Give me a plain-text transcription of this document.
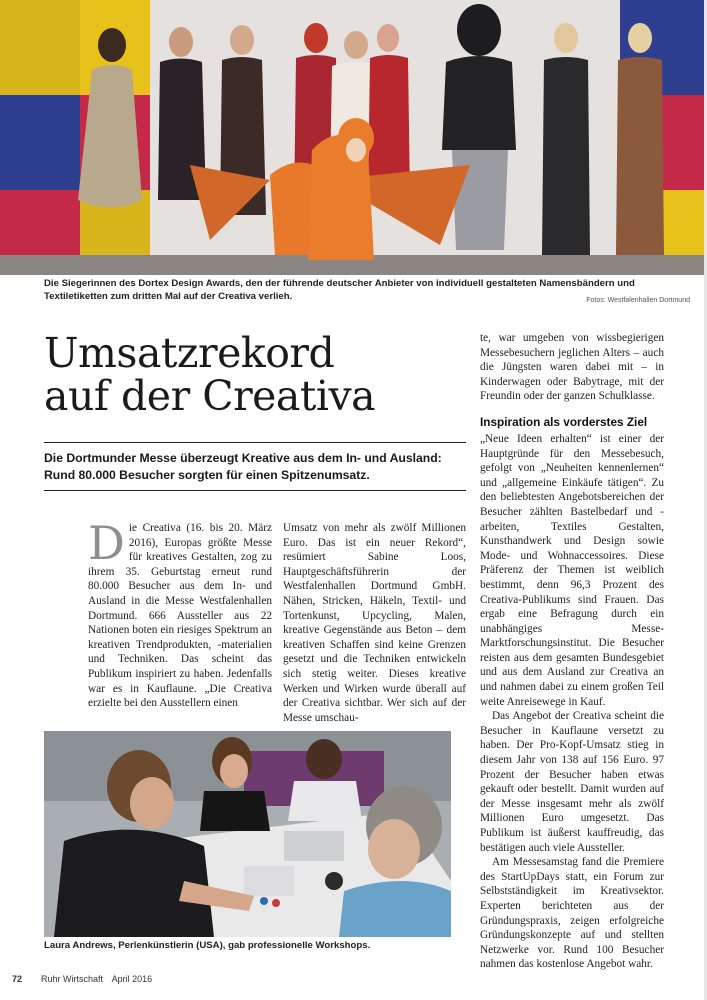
Die Siegerinnen des Dortex Design Awards, den der führende deutscher Anbieter von individuell gestalteten Namensbändern und
Textiletiketten zum dritten Mal auf der Creativa verlieh.	Fotos: Westfalenhallen Dortmund
Umsatzrekord
auf der Creativa
Die Dortmunder Messe überzeugt Kreative aus dem In- und Ausland: Rund 80.000 Besucher sorgten für einen Spitzenumsatz.

Die Creativa (16. bis 20. März 2016), Europas größte Messe für kreatives Gestalten, zog zu ihrem 35. Geburtstag erneut rund 80.000 Besucher aus dem In- und Ausland in die Messe Westfalenhallen Dortmund. 666 Aussteller aus 22 Nationen boten ein riesiges Spektrum an kreativen Trendprodukten, -materialien und Techniken. Das scheint das Publikum inspiriert zu haben. Jedenfalls war es in Kauflaune. „Die Creativa erzielte bei den Ausstellern einen

Umsatz von mehr als zwölf Millionen Euro. Das ist ein neuer Rekord“, resümiert Sabine Loos, Hauptgeschäftsführerin der Westfalenhallen Dortmund GmbH. Nähen, Stricken, Häkeln, Textil- und Tortenkunst, Upcycling, Malen, kreative Gegenstände aus Beton – dem kreativen Schaffen sind keine Grenzen gesetzt und die Techniken entwickeln sich stetig weiter. Dieses kreative Werken und Wirken wurde überall auf der Creativa sichtbar. Wer sich auf der Messe umschau-

te, war umgeben von wissbegierigen Messebesuchern jeglichen Alters – auch die Jüngsten waren dabei mit – in Kinderwagen oder Babytrage, mit der Freundin oder der ganzen Schulklasse.

Inspiration als vorderstes Ziel

„Neue Ideen erhalten“ ist einer der Hauptgründe für den Messebesuch, gefolgt von „Neuheiten kennenlernen“ und „allgemeine Einkäufe tätigen“. Zu den beliebtesten Angebotsbereichen der Besucher zählten Bastelbedarf und -arbeiten, Textiles Gestalten, Kunsthandwerk und Design sowie Mode- und Wohnaccessoires. Diese Präferenz der Themen ist weiblich bestimmt, denn 96,3 Prozent des Creativa-Publikums sind Frauen. Das ergab eine Befragung durch ein unabhängiges Messe-Marktforschungsinstitut. Die Besucher reisten aus dem gesamten Bundesgebiet und aus dem Ausland zur Creativa an und nahmen dabei zu einem großen Teil weite Anreisewege in Kauf.

Das Angebot der Creativa scheint die Besucher in Kauflaune versetzt zu haben. Der Pro-Kopf-Umsatz stieg in diesem Jahr von 138 auf 156 Euro. 97 Prozent der Besucher haben etwas gekauft oder bestellt. Damit wurden auf der Messe insgesamt mehr als zwölf Millionen Euro umgesetzt. Das Publikum ist äußerst kauffreudig, das bestätigen auch viele Aussteller.

Am Messesamstag fand die Premiere des StartUpDays statt, ein Forum zur Selbstständigkeit im Kreativsektor. Experten berichteten aus der Gründungspraxis, zeigen erfolgreiche Gründungskonzepte auf und stellten Netzwerke vor. Rund 100 Besucher nahmen das kostenlose Angebot wahr.

Laura Andrews, Perlenkünstlerin (USA), gab professionelle Workshops.
72 Ruhr Wirtschaft April 2016
